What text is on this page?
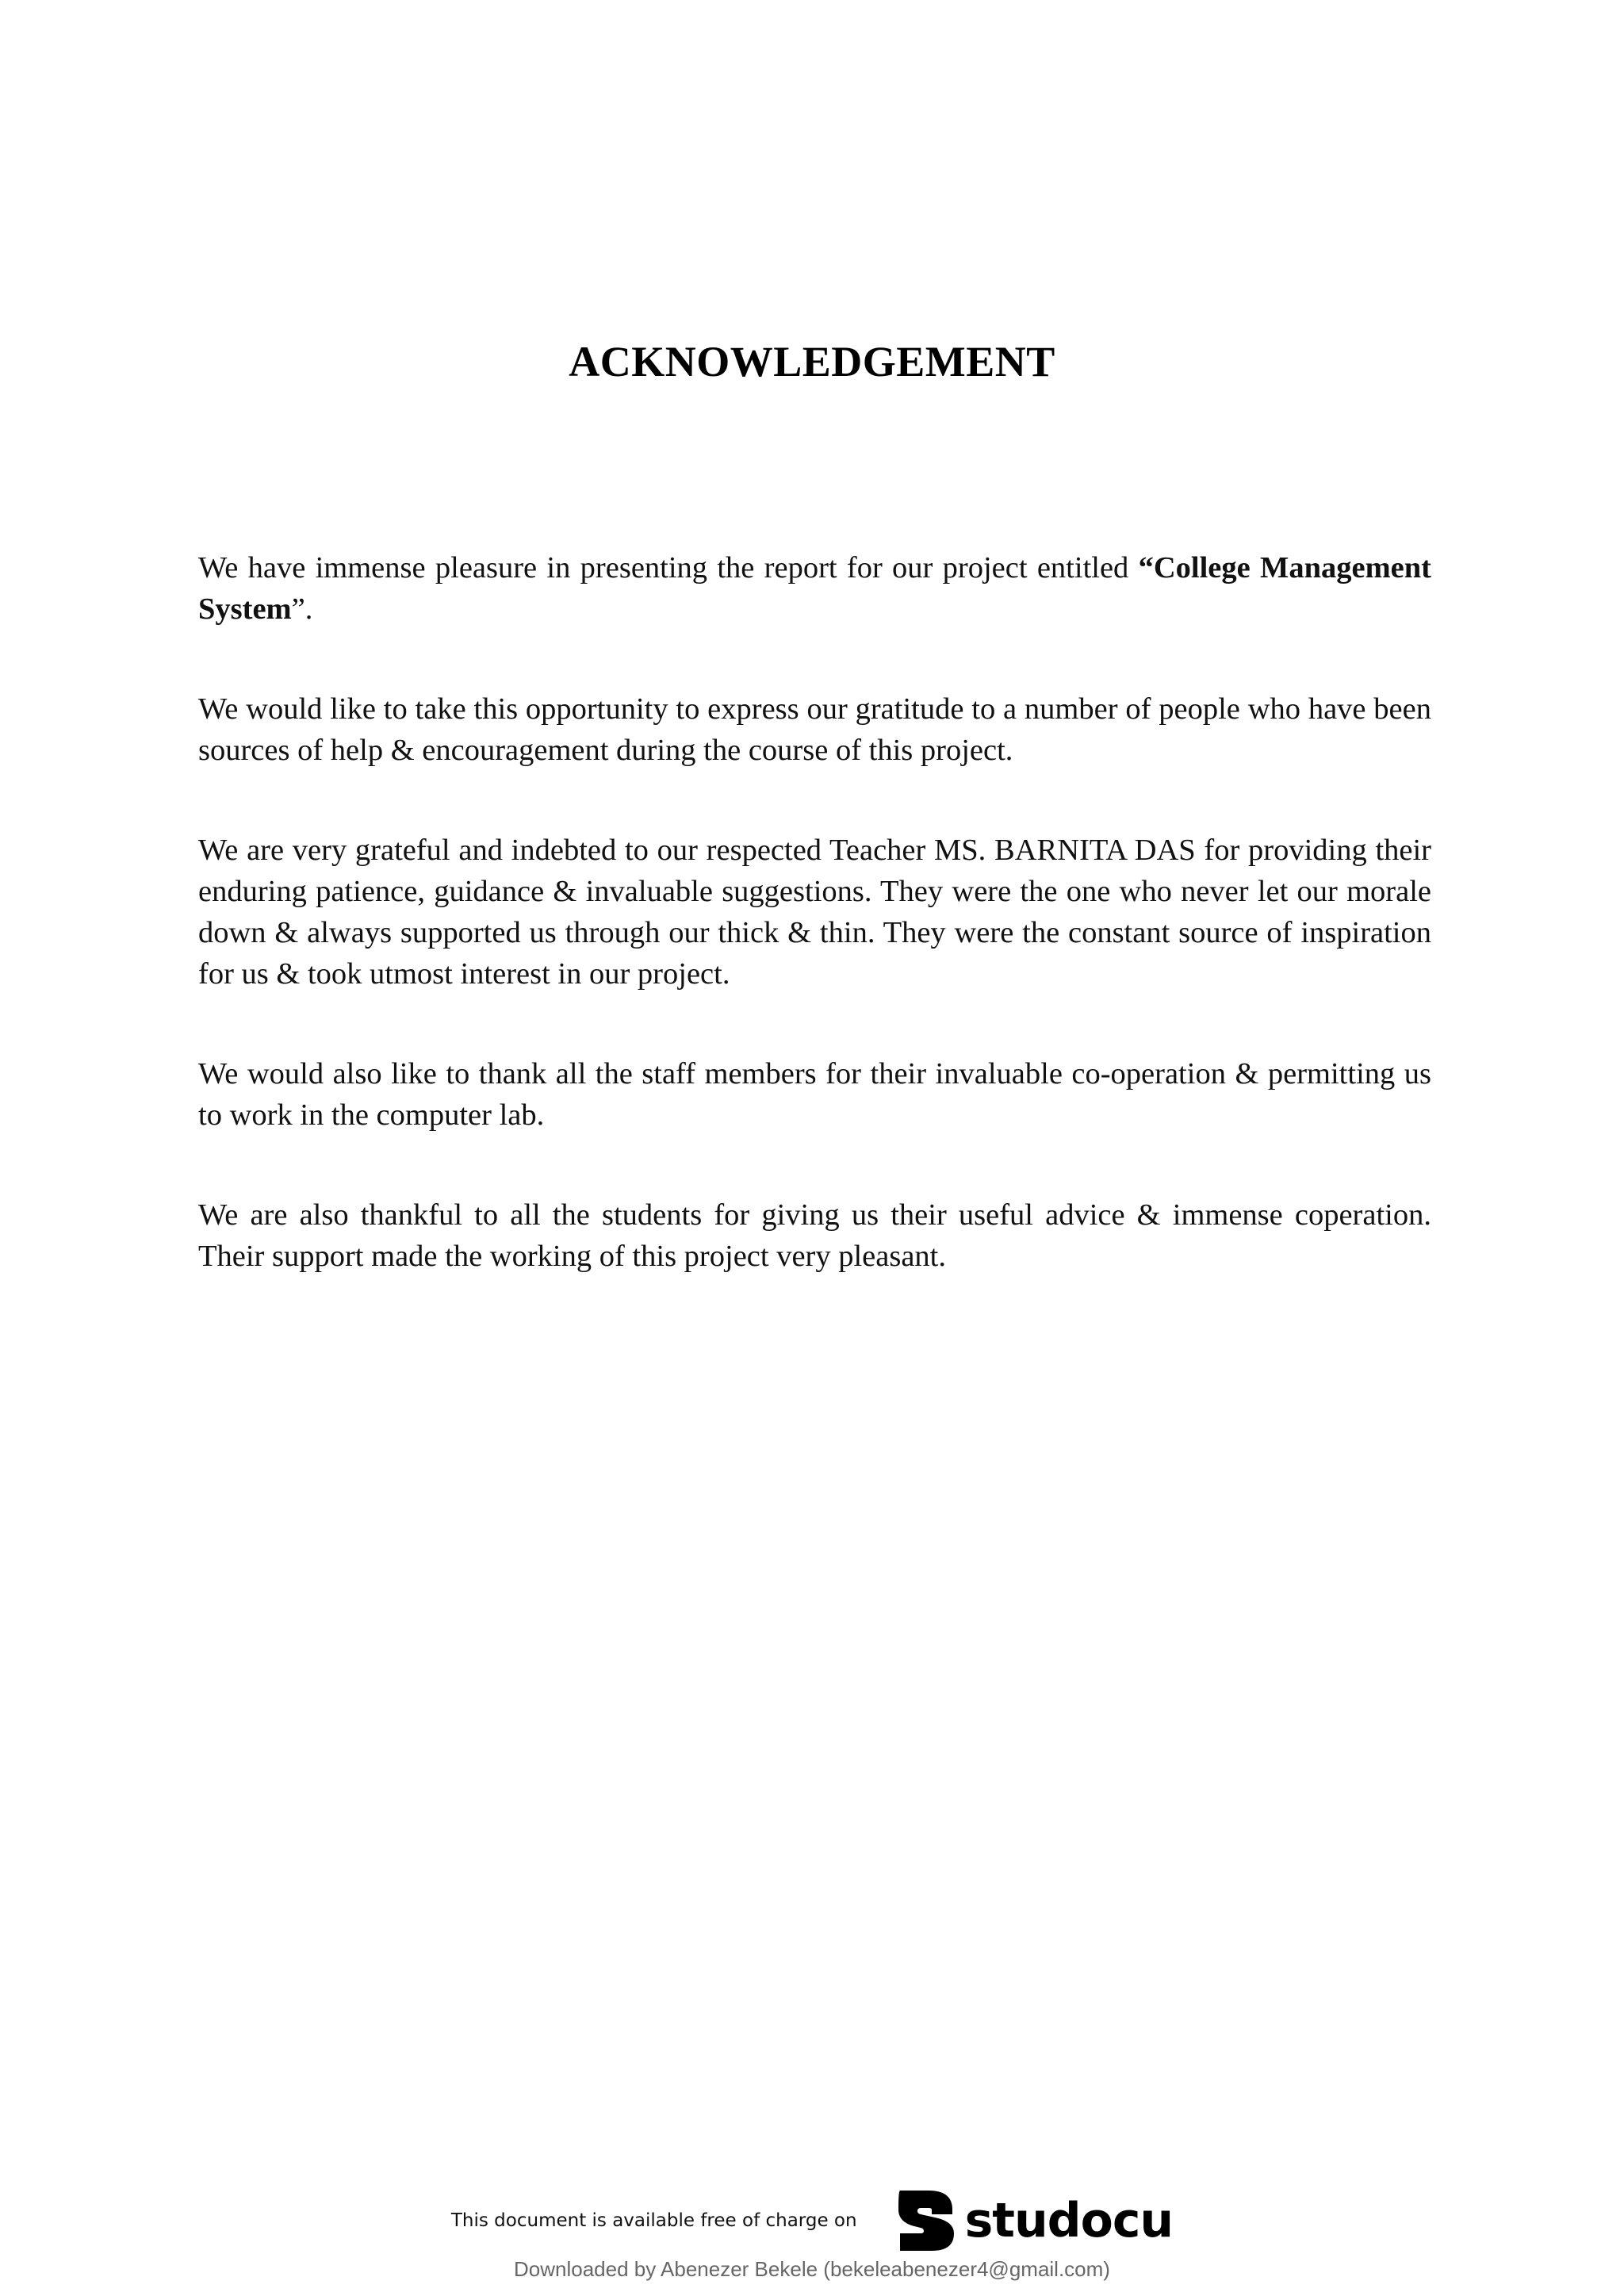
ACKNOWLEDGEMENT

We have immense pleasure in presenting the report for our project entitled “College Management System”.

We would like to take this opportunity to express our gratitude to a number of people who have been sources of help & encouragement during the course of this project.

We are very grateful and indebted to our respected Teacher MS. BARNITA DAS for providing their enduring patience, guidance & invaluable suggestions. They were the one who never let our morale down & always supported us through our thick & thin. They were the constant source of inspiration for us & took utmost interest in our project.

We would also like to thank all the staff members for their invaluable co-operation & permitting us to work in the computer lab.

We are also thankful to all the students for giving us their useful advice & immense coperation. Their support made the working of this project very pleasant.

This document is available free of charge on studocu
Downloaded by Abenezer Bekele (bekeleabenezer4@gmail.com)
